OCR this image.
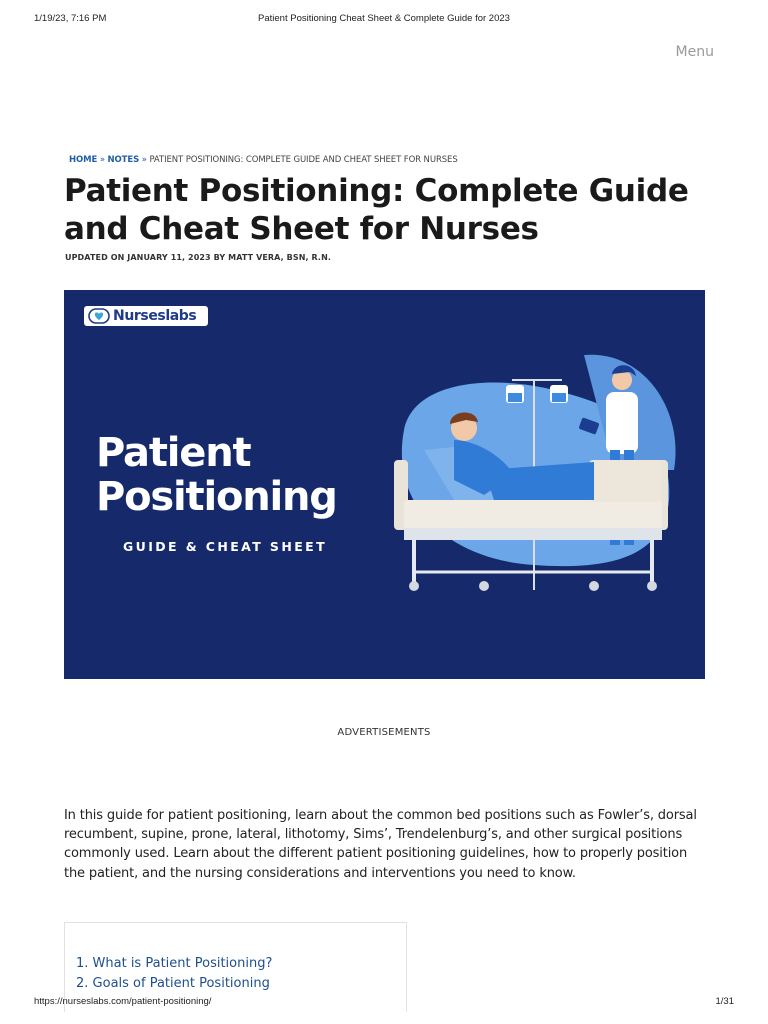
1/19/23, 7:16 PM	Patient Positioning Cheat Sheet & Complete Guide for 2023
Menu
HOME » NOTES » PATIENT POSITIONING: COMPLETE GUIDE AND CHEAT SHEET FOR NURSES
Patient Positioning: Complete Guide and Cheat Sheet for Nurses
UPDATED ON JANUARY 11, 2023 BY MATT VERA, BSN, R.N.
Nurseslabs
Patient
Positioning
GUIDE & CHEAT SHEET
ADVERTISEMENTS

In this guide for patient positioning, learn about the common bed positions such as Fowler’s, dorsal recumbent, supine, prone, lateral, lithotomy, Sims’, Trendelenburg’s, and other surgical positions commonly used. Learn about the different patient positioning guidelines, how to properly position the patient, and the nursing considerations and interventions you need to know.

1. What is Patient Positioning?
2. Goals of Patient Positioning
https://nurseslabs.com/patient-positioning/	1/31
